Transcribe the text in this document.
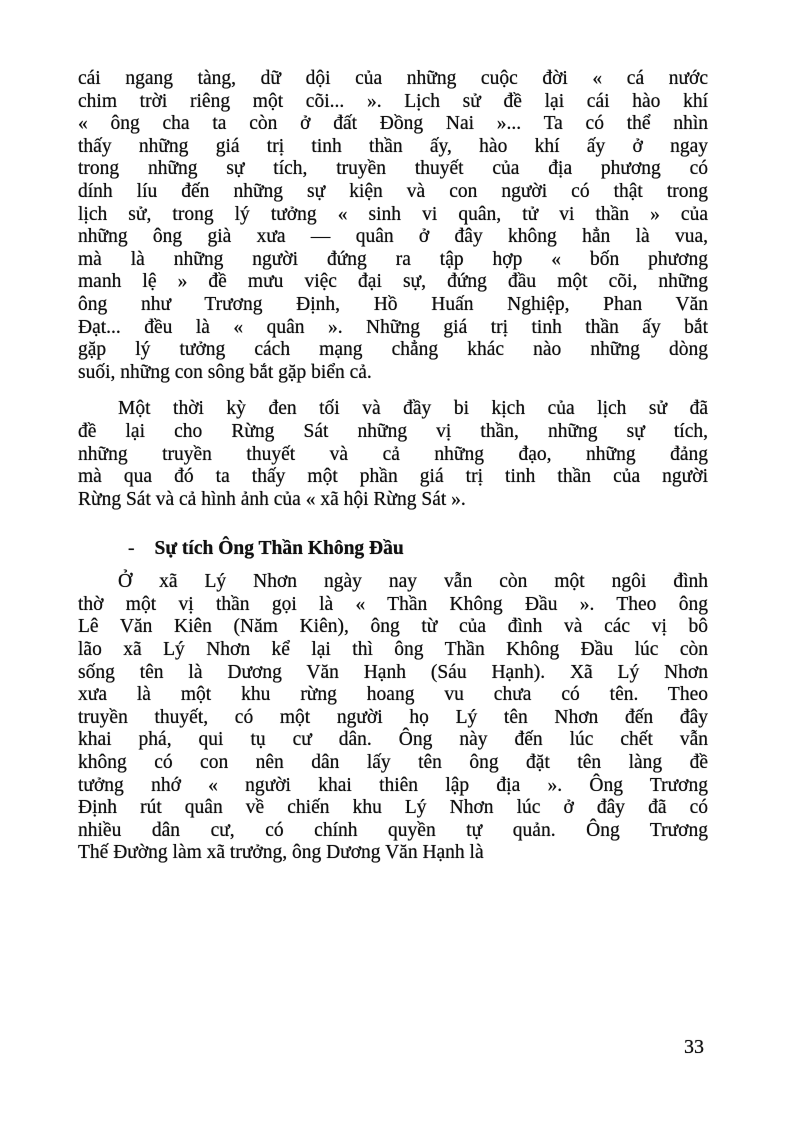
cái ngang tàng, dữ dội của những cuộc đời « cá nước
chim trời riêng một cõi... ». Lịch sử đề lại cái hào khí
« ông cha ta còn ở đất Đồng Nai »... Ta có thể nhìn
thấy những giá trị tinh thần ấy, hào khí ấy ở ngay
trong những sự tích, truyền thuyết của địa phương có
dính líu đến những sự kiện và con người có thật trong
lịch sử, trong lý tưởng « sinh vi quân, tử vi thần » của
những ông già xưa — quân ở đây không hẳn là vua,
mà là những người đứng ra tập hợp « bốn phương
manh lệ » đề mưu việc đại sự, đứng đầu một cõi, những
ông như Trương Định, Hồ Huấn Nghiệp, Phan Văn
Đạt... đều là « quân ». Những giá trị tinh thần ấy bắt
gặp lý tưởng cách mạng chẳng khác nào những dòng
suối, những con sông bắt gặp biển cả.
Một thời kỳ đen tối và đầy bi kịch của lịch sử đã
đề lại cho Rừng Sát những vị thần, những sự tích,
những truyền thuyết và cả những đạo, những đảng
mà qua đó ta thấy một phần giá trị tinh thần của người
Rừng Sát và cả hình ảnh của « xã hội Rừng Sát ».
- Sự tích Ông Thần Không Đầu
Ở xã Lý Nhơn ngày nay vẫn còn một ngôi đình
thờ một vị thần gọi là « Thần Không Đầu ». Theo ông
Lê Văn Kiên (Năm Kiên), ông từ của đình và các vị bô
lão xã Lý Nhơn kể lại thì ông Thần Không Đầu lúc còn
sống tên là Dương Văn Hạnh (Sáu Hạnh). Xã Lý Nhơn
xưa là một khu rừng hoang vu chưa có tên. Theo
truyền thuyết, có một người họ Lý tên Nhơn đến đây
khai phá, qui tụ cư dân. Ông này đến lúc chết vẫn
không có con nên dân lấy tên ông đặt tên làng đề
tưởng nhớ « người khai thiên lập địa ». Ông Trương
Định rút quân về chiến khu Lý Nhơn lúc ở đây đã có
nhiều dân cư, có chính quyền tự quản. Ông Trương
Thế Đường làm xã trưởng, ông Dương Văn Hạnh là
33
